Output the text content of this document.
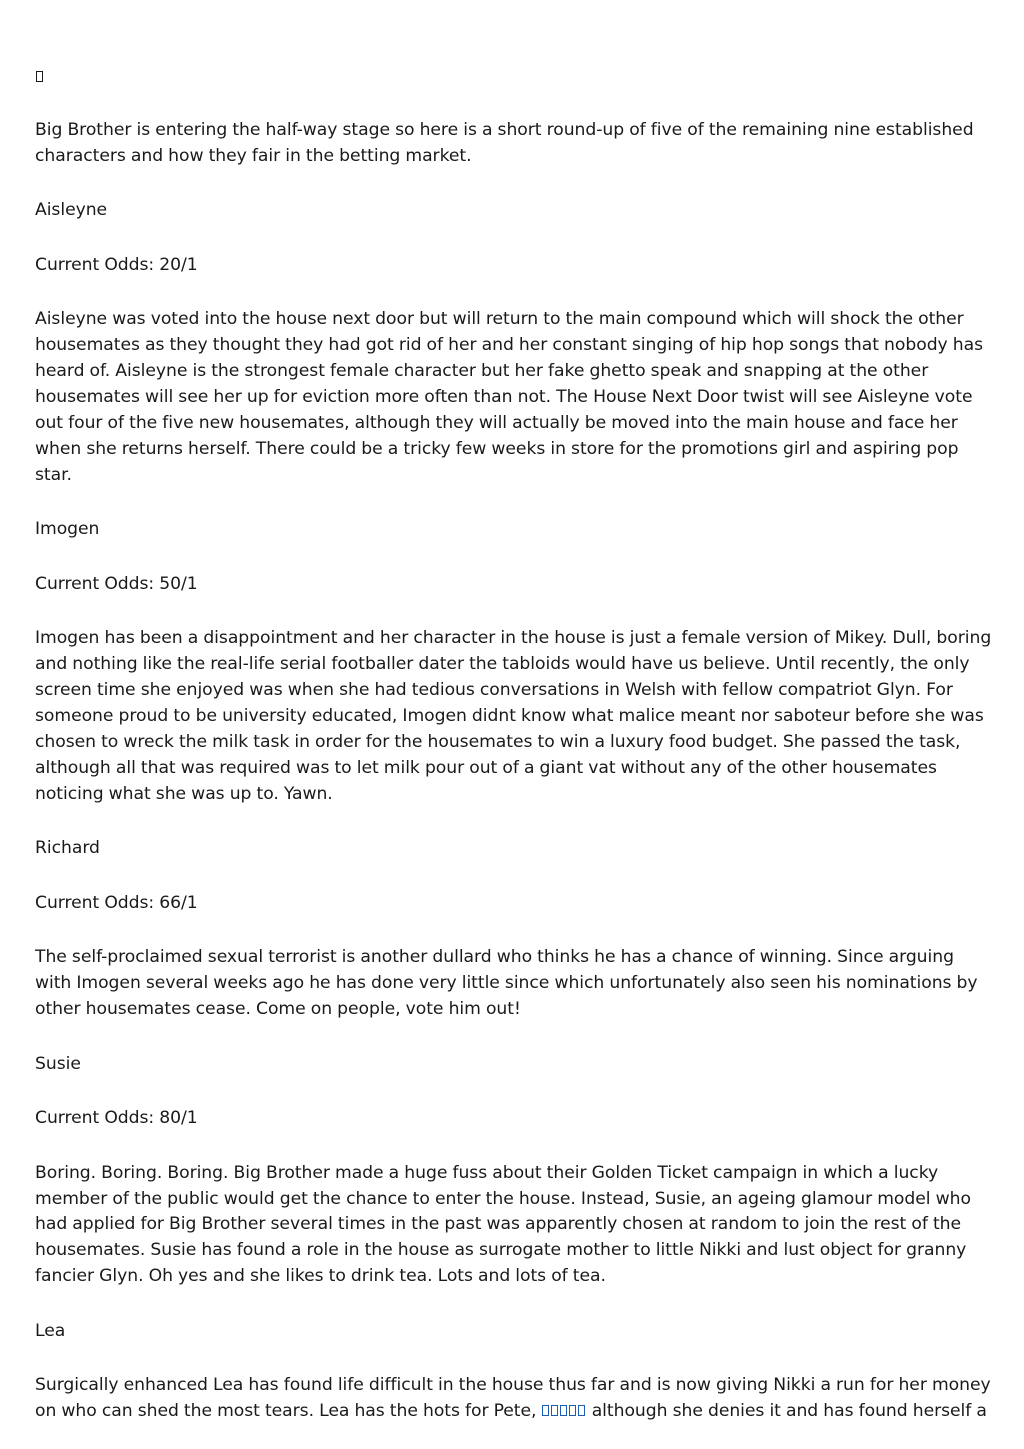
Big Brother is entering the half-way stage so here is a short round-up of five of the remaining nine established characters and how they fair in the betting market.

Aisleyne

Current Odds: 20/1

Aisleyne was voted into the house next door but will return to the main compound which will shock the other housemates as they thought they had got rid of her and her constant singing of hip hop songs that nobody has heard of. Aisleyne is the strongest female character but her fake ghetto speak and snapping at the other housemates will see her up for eviction more often than not. The House Next Door twist will see Aisleyne vote out four of the five new housemates, although they will actually be moved into the main house and face her when she returns herself. There could be a tricky few weeks in store for the promotions girl and aspiring pop star.

Imogen

Current Odds: 50/1

Imogen has been a disappointment and her character in the house is just a female version of Mikey. Dull, boring and nothing like the real-life serial footballer dater the tabloids would have us believe. Until recently, the only screen time she enjoyed was when she had tedious conversations in Welsh with fellow compatriot Glyn. For someone proud to be university educated, Imogen didnt know what malice meant nor saboteur before she was chosen to wreck the milk task in order for the housemates to win a luxury food budget. She passed the task, although all that was required was to let milk pour out of a giant vat without any of the other housemates noticing what she was up to. Yawn.

Richard

Current Odds: 66/1

The self-proclaimed sexual terrorist is another dullard who thinks he has a chance of winning. Since arguing with Imogen several weeks ago he has done very little since which unfortunately also seen his nominations by other housemates cease. Come on people, vote him out!

Susie

Current Odds: 80/1

Boring. Boring. Boring. Big Brother made a huge fuss about their Golden Ticket campaign in which a lucky member of the public would get the chance to enter the house. Instead, Susie, an ageing glamour model who had applied for Big Brother several times in the past was apparently chosen at random to join the rest of the housemates. Susie has found a role in the house as surrogate mother to little Nikki and lust object for granny fancier Glyn. Oh yes and she likes to drink tea. Lots and lots of tea.

Lea

Surgically enhanced Lea has found life difficult in the house thus far and is now giving Nikki a run for her money on who can shed the most tears. Lea has the hots for Pete,	although she denies it and has found herself a
